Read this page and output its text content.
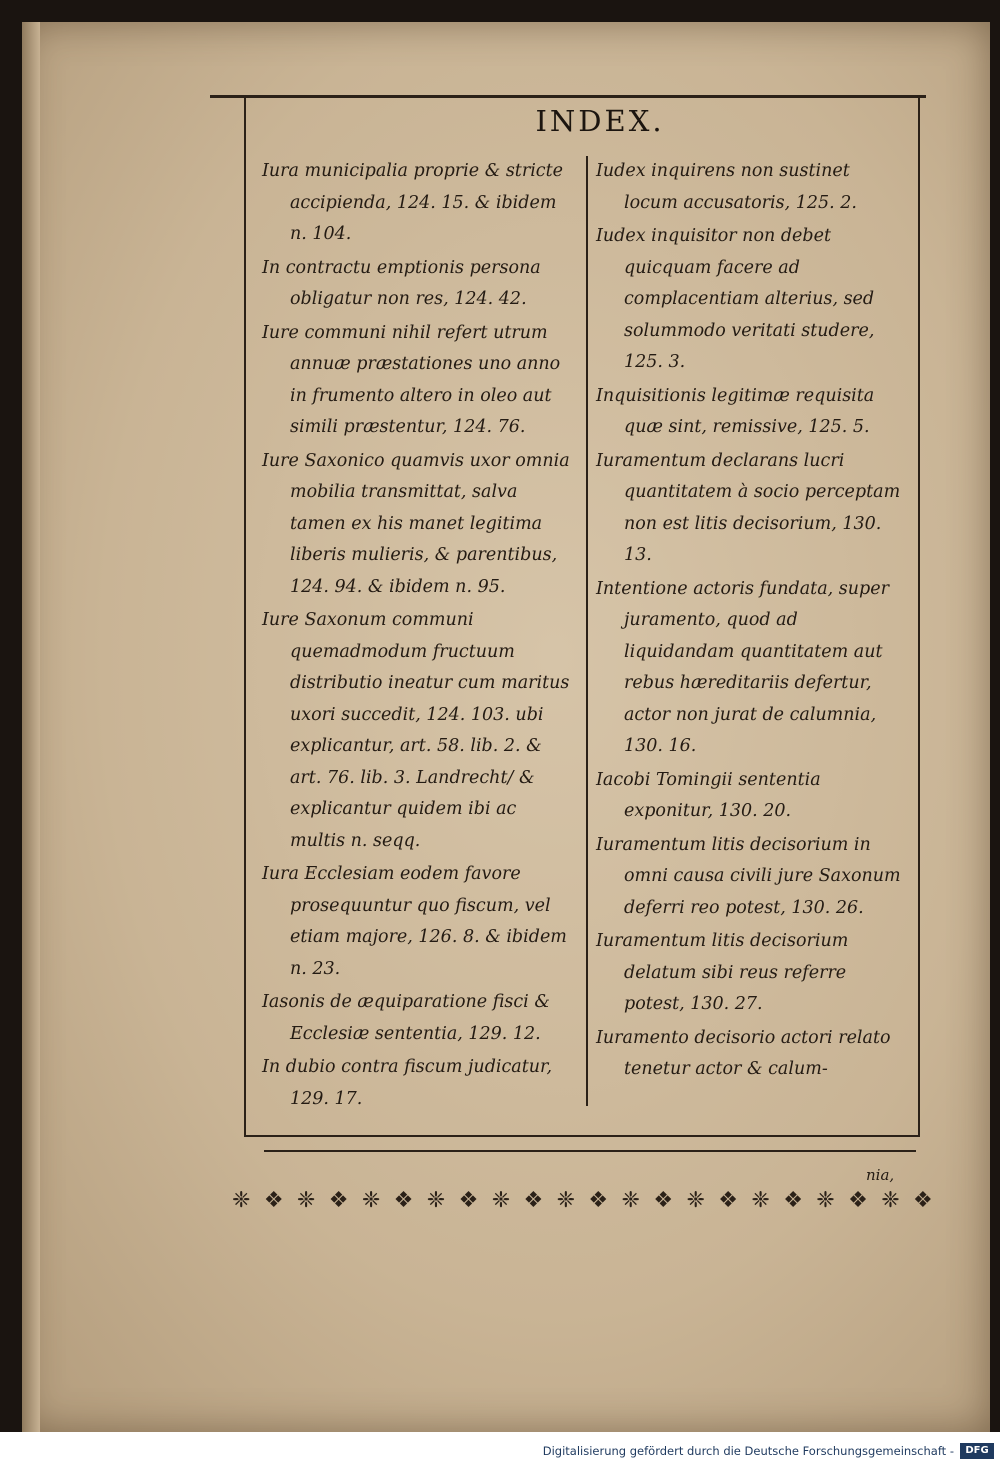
INDEX.

Iura municipalia proprie & stricte accipienda, 124. 15. & ibidem n. 104.

In contractu emptionis persona obligatur non res, 124. 42.

Iure communi nihil refert utrum annuæ præstationes uno anno in frumento altero in oleo aut simili præstentur, 124. 76.

Iure Saxonico quamvis uxor omnia mobilia transmittat, salva tamen ex his manet legitima liberis mulieris, & parentibus, 124. 94. & ibidem n. 95.

Iure Saxonum communi quemadmodum fructuum distributio ineatur cum maritus uxori succedit, 124. 103. ubi explicantur, art. 58. lib. 2. & art. 76. lib. 3. Landrecht/ & explicantur quidem ibi ac multis n. seqq.

Iura Ecclesiam eodem favore prosequuntur quo fiscum, vel etiam majore, 126. 8. & ibidem n. 23.

Iasonis de æquiparatione fisci & Ecclesiæ sententia, 129. 12.

In dubio contra fiscum judicatur, 129. 17.

Iudex inquirens non sustinet locum accusatoris, 125. 2.

Iudex inquisitor non debet quicquam facere ad complacentiam alterius, sed solummodo veritati studere, 125. 3.

Inquisitionis legitimæ requisita quæ sint, remissive, 125. 5.

Iuramentum declarans lucri quantitatem à socio perceptam non est litis decisorium, 130. 13.

Intentione actoris fundata, super juramento, quod ad liquidandam quantitatem aut rebus hæreditariis defertur, actor non jurat de calumnia, 130. 16.

Iacobi Tomingii sententia exponitur, 130. 20.

Iuramentum litis decisorium in omni causa civili jure Saxonum deferri reo potest, 130. 26.

Iuramentum litis decisorium delatum sibi reus referre potest, 130. 27.

Iuramento decisorio actori relato tenetur actor & calum-

nia,
❈ ❖ ❈ ❖ ❈ ❖ ❈ ❖ ❈ ❖ ❈ ❖ ❈ ❖ ❈ ❖ ❈ ❖ ❈ ❖ ❈ ❖
Digitalisierung gefördert durch die Deutsche Forschungsgemeinschaft -	DFG
